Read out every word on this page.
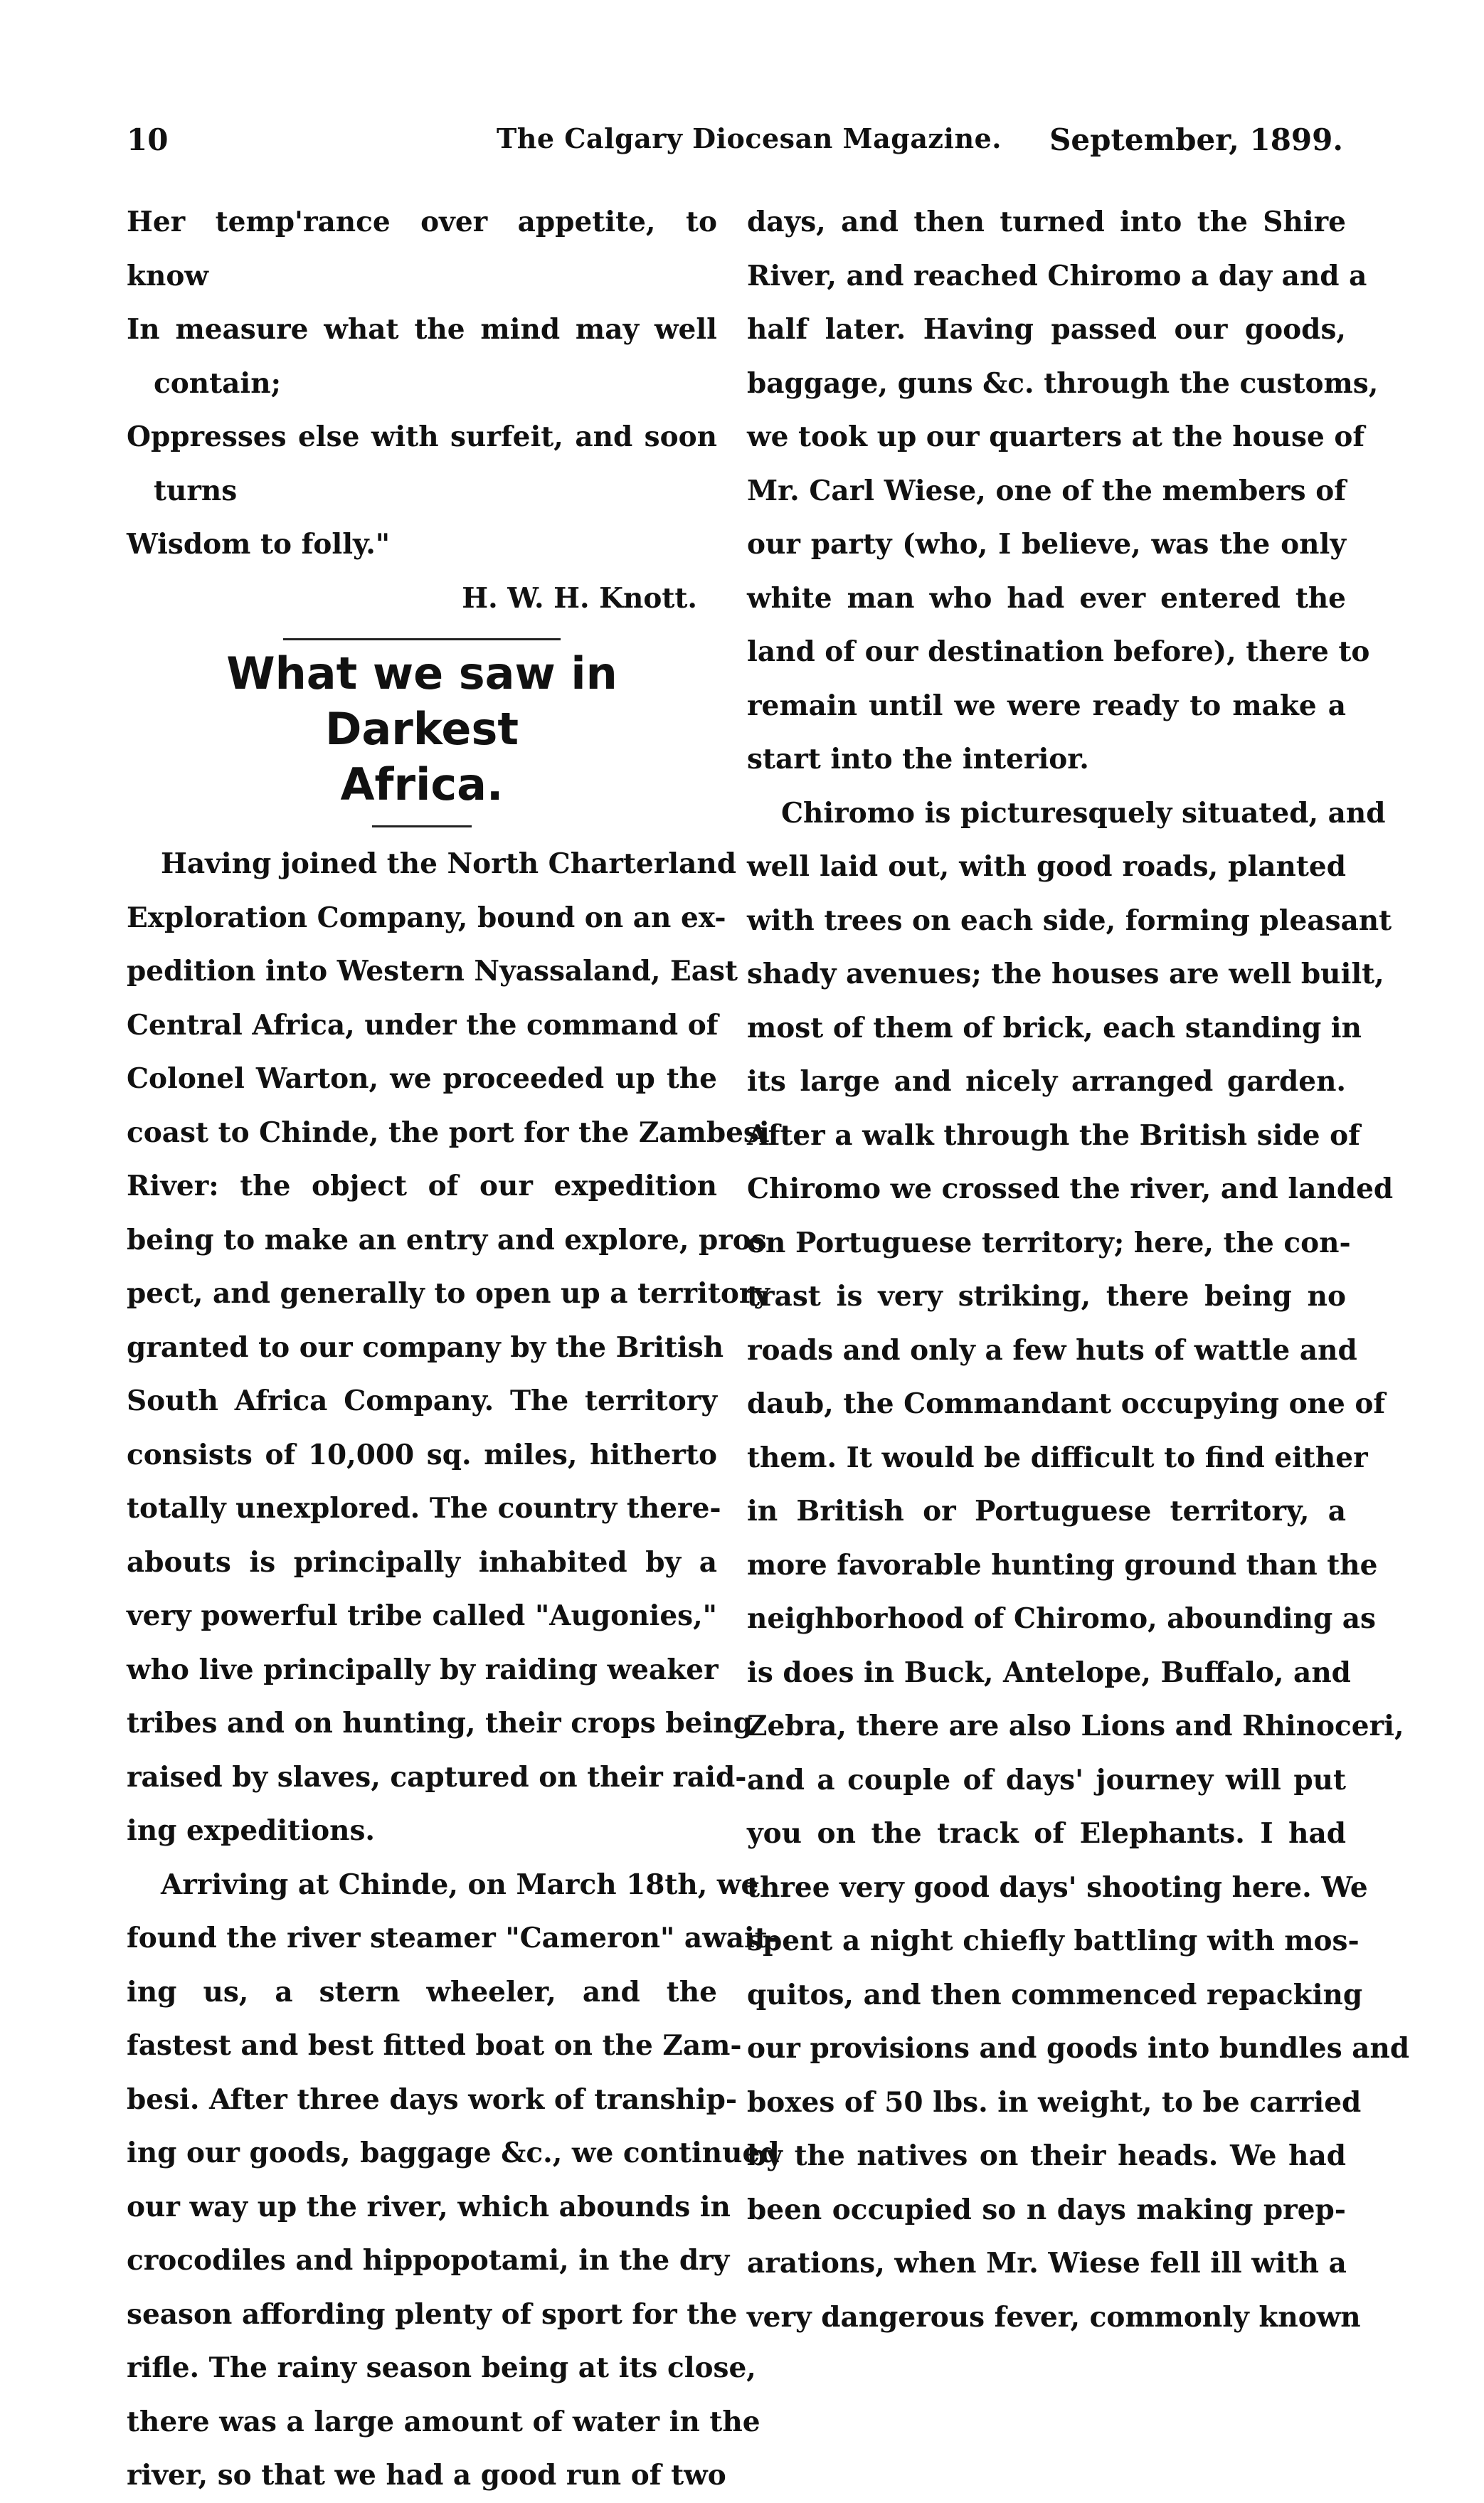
10	The Calgary Diocesan Magazine. September, 1899.
Her temp'rance over appetite, to know
In measure what the mind may well
contain;
Oppresses else with surfeit, and soon
turns
Wisdom to folly."
H. W. H. Knott.
What we saw in Darkest
Africa.
Having joined the North Charterland
Exploration Company, bound on an ex-
pedition into Western Nyassaland, East
Central Africa, under the command of
Colonel Warton, we proceeded up the
coast to Chinde, the port for the Zambesi
River: the object of our expedition
being to make an entry and explore, pros
pect, and generally to open up a territory
granted to our company by the British
South Africa Company. The territory
consists of 10,000 sq. miles, hitherto
totally unexplored. The country there-
abouts is principally inhabited by a
very powerful tribe called "Augonies,"
who live principally by raiding weaker
tribes and on hunting, their crops being
raised by slaves, captured on their raid-
ing expeditions.
Arriving at Chinde, on March 18th, we
found the river steamer "Cameron" await-
ing us, a stern wheeler, and the
fastest and best fitted boat on the Zam-
besi. After three days work of tranship-
ing our goods, baggage &c., we continued
our way up the river, which abounds in
crocodiles and hippopotami, in the dry
season affording plenty of sport for the
rifle. The rainy season being at its close,
there was a large amount of water in the
river, so that we had a good run of two
days, and then turned into the Shire
River, and reached Chiromo a day and a
half later. Having passed our goods,
baggage, guns &c. through the customs,
we took up our quarters at the house of
Mr. Carl Wiese, one of the members of
our party (who, I believe, was the only
white man who had ever entered the
land of our destination before), there to
remain until we were ready to make a
start into the interior.
Chiromo is picturesquely situated, and
well laid out, with good roads, planted
with trees on each side, forming pleasant
shady avenues; the houses are well built,
most of them of brick, each standing in
its large and nicely arranged garden.
After a walk through the British side of
Chiromo we crossed the river, and landed
on Portuguese territory; here, the con-
trast is very striking, there being no
roads and only a few huts of wattle and
daub, the Commandant occupying one of
them. It would be difficult to find either
in British or Portuguese territory, a
more favorable hunting ground than the
neighborhood of Chiromo, abounding as
is does in Buck, Antelope, Buffalo, and
Zebra, there are also Lions and Rhinoceri,
and a couple of days' journey will put
you on the track of Elephants. I had
three very good days' shooting here. We
spent a night chiefly battling with mos-
quitos, and then commenced repacking
our provisions and goods into bundles and
boxes of 50 lbs. in weight, to be carried
by the natives on their heads. We had
been occupied so n days making prep-
arations, when Mr. Wiese fell ill with a
very dangerous fever, commonly known
